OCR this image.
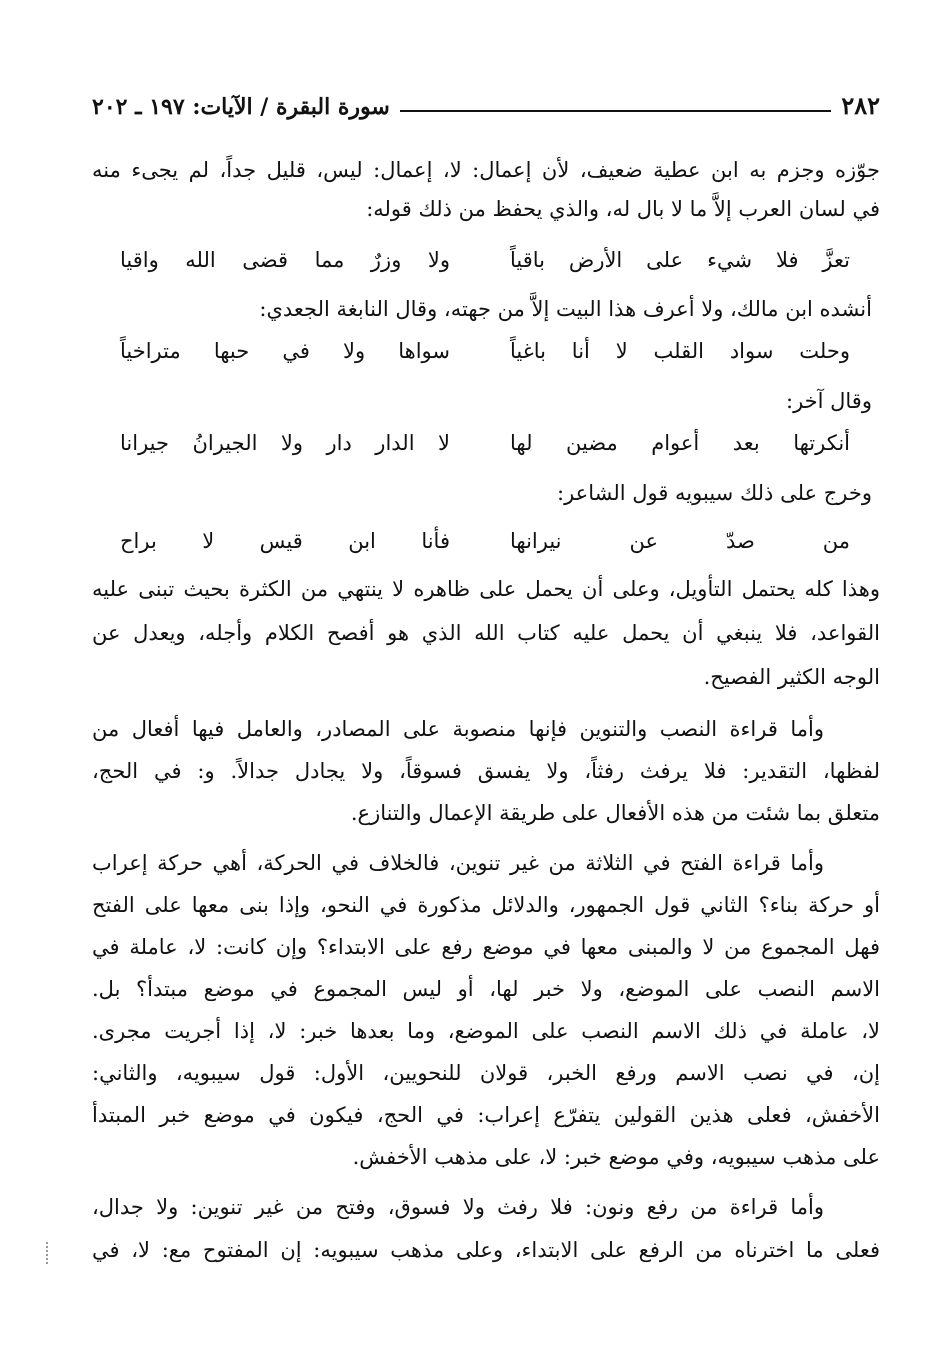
٢٨٢
سورة البقرة / الآيات: ١٩٧ ـ ٢٠٢
جوّزه وجزم به ابن عطية ضعيف، لأن إعمال: لا، إعمال: ليس، قليل جداً، لم يجىء منه
في لسان العرب إلاَّ ما لا بال له، والذي يحفظ من ذلك قوله:
تعزَّ فلا شيء على الأرض باقياً
ولا وزرٌ مما قضى الله واقيا
أنشده ابن مالك، ولا أعرف هذا البيت إلاَّ من جهته، وقال النابغة الجعدي:
وحلت سواد القلب لا أنا باغياً
سواها ولا في حبها متراخياً
وقال آخر:
أنكرتها بعد أعوام مضين لها
لا الدار دار ولا الجيرانُ جيرانا
وخرج على ذلك سيبويه قول الشاعر:
من صدّ عن نيرانها
فأنا ابن قيس لا براح
وهذا كله يحتمل التأويل، وعلى أن يحمل على ظاهره لا ينتهي من الكثرة بحيث تبنى عليه
القواعد، فلا ينبغي أن يحمل عليه كتاب الله الذي هو أفصح الكلام وأجله، ويعدل عن
الوجه الكثير الفصيح.
وأما قراءة النصب والتنوين فإنها منصوبة على المصادر، والعامل فيها أفعال من
لفظها، التقدير: فلا يرفث رفثاً، ولا يفسق فسوقاً، ولا يجادل جدالاً. و: في الحج،
متعلق بما شئت من هذه الأفعال على طريقة الإعمال والتنازع.
وأما قراءة الفتح في الثلاثة من غير تنوين، فالخلاف في الحركة، أهي حركة إعراب
أو حركة بناء؟ الثاني قول الجمهور، والدلائل مذكورة في النحو، وإذا بنى معها على الفتح
فهل المجموع من لا والمبنى معها في موضع رفع على الابتداء؟ وإن كانت: لا، عاملة في
الاسم النصب على الموضع، ولا خبر لها، أو ليس المجموع في موضع مبتدأ؟ بل.
لا، عاملة في ذلك الاسم النصب على الموضع، وما بعدها خبر: لا، إذا أجريت مجرى.
إن، في نصب الاسم ورفع الخبر، قولان للنحويين، الأول: قول سيبويه، والثاني:
الأخفش، فعلى هذين القولين يتفرّع إعراب: في الحج، فيكون في موضع خبر المبتدأ
على مذهب سيبويه، وفي موضع خبر: لا، على مذهب الأخفش.
وأما قراءة من رفع ونون: فلا رفث ولا فسوق، وفتح من غير تنوين: ولا جدال،
فعلى ما اخترناه من الرفع على الابتداء، وعلى مذهب سيبويه: إن المفتوح مع: لا، في
